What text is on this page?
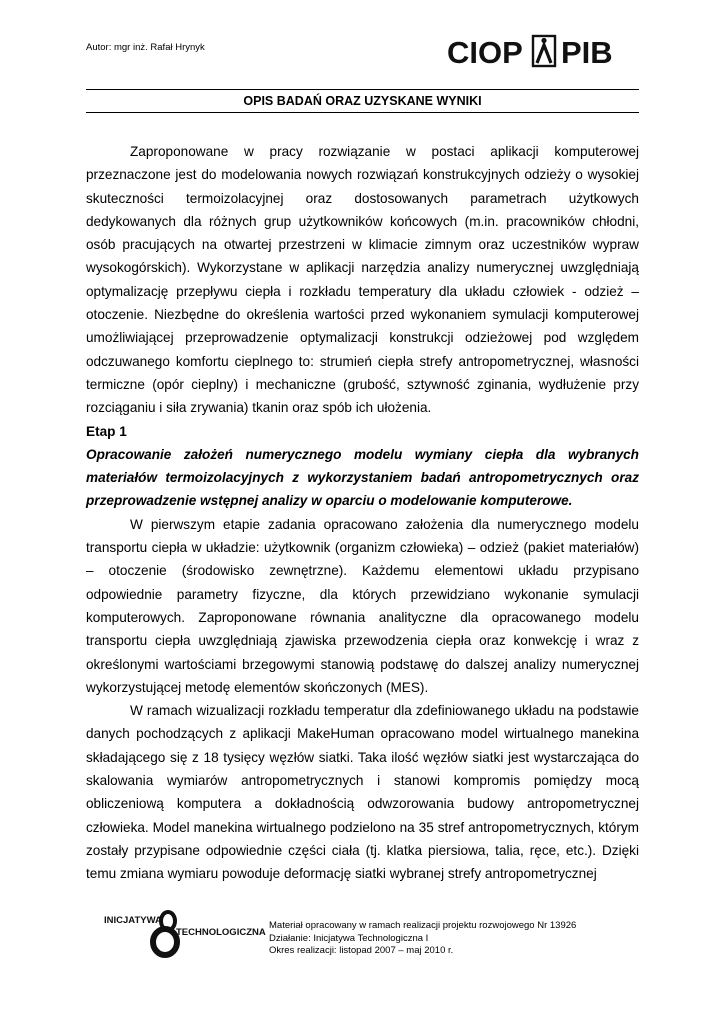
Autor: mgr inż. Rafał Hrynyk	CIOP PIB
OPIS BADAŃ ORAZ UZYSKANE WYNIKI

Zaproponowane w pracy rozwiązanie w postaci aplikacji komputerowej przeznaczone jest do modelowania nowych rozwiązań konstrukcyjnych odzieży o wysokiej skuteczności termoizolacyjnej oraz dostosowanych parametrach użytkowych dedykowanych dla różnych grup użytkowników końcowych (m.in. pracowników chłodni, osób pracujących na otwartej przestrzeni w klimacie zimnym oraz uczestników wypraw wysokogórskich). Wykorzystane w aplikacji narzędzia analizy numerycznej uwzględniają optymalizację przepływu ciepła i rozkładu temperatury dla układu człowiek - odzież – otoczenie. Niezbędne do określenia wartości przed wykonaniem symulacji komputerowej umożliwiającej przeprowadzenie optymalizacji konstrukcji odzieżowej pod względem odczuwanego komfortu cieplnego to: strumień ciepła strefy antropometrycznej, własności termiczne (opór cieplny) i mechaniczne (grubość, sztywność zginania, wydłużenie przy rozciąganiu i siła zrywania) tkanin oraz spób ich ułożenia.

Etap 1

Opracowanie założeń numerycznego modelu wymiany ciepła dla wybranych materiałów termoizolacyjnych z wykorzystaniem badań antropometrycznych oraz przeprowadzenie wstępnej analizy w oparciu o modelowanie komputerowe.

W pierwszym etapie zadania opracowano założenia dla numerycznego modelu transportu ciepła w układzie: użytkownik (organizm człowieka) – odzież (pakiet materiałów) – otoczenie (środowisko zewnętrzne). Każdemu elementowi układu przypisano odpowiednie parametry fizyczne, dla których przewidziano wykonanie symulacji komputerowych. Zaproponowane równania analityczne dla opracowanego modelu transportu ciepła uwzględniają zjawiska przewodzenia ciepła oraz konwekcję i wraz z określonymi wartościami brzegowymi stanowią podstawę do dalszej analizy numerycznej wykorzystującej metodę elementów skończonych (MES).

W ramach wizualizacji rozkładu temperatur dla zdefiniowanego układu na podstawie danych pochodzących z aplikacji MakeHuman opracowano model wirtualnego manekina składającego się z 18 tysięcy węzłów siatki. Taka ilość węzłów siatki jest wystarczająca do skalowania wymiarów antropometrycznych i stanowi kompromis pomiędzy mocą obliczeniową komputera a dokładnością odwzorowania budowy antropometrycznej człowieka. Model manekina wirtualnego podzielono na 35 stref antropometrycznych, którym zostały przypisane odpowiednie części ciała (tj. klatka piersiowa, talia, ręce, etc.). Dzięki temu zmiana wymiaru powoduje deformację siatki wybranej strefy antropometrycznej

INICJATYWA
TECHNOLOGICZNA
Materiał opracowany w ramach realizacji projektu rozwojowego Nr 13926
Działanie: Inicjatywa Technologiczna I
Okres realizacji: listopad 2007 – maj 2010 r.
